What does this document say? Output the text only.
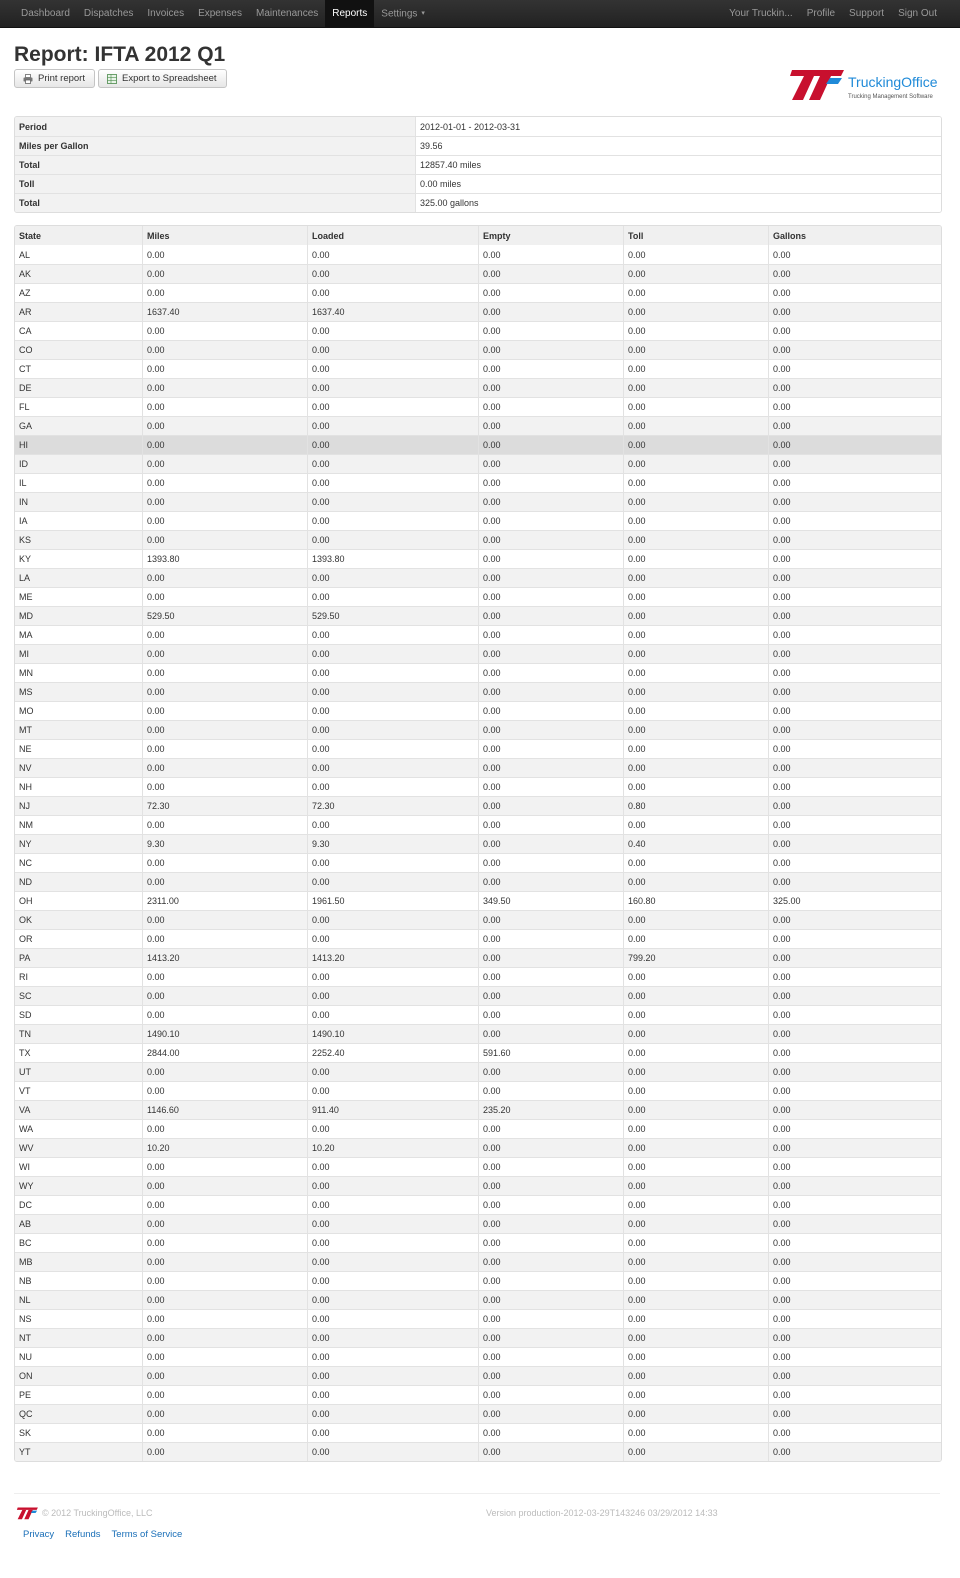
Dashboard	Dispatches	Invoices	Expenses	Maintenances	Reports	Settings ▾	Your Truckin...	Profile	Support	Sign Out
Report: IFTA 2012 Q1
Print report	Export to Spreadsheet	TruckingOffice
Trucking Management Software
Period	2012-01-01 - 2012-03-31
Miles per Gallon	39.56
Total	12857.40 miles
Toll	0.00 miles
Total	325.00 gallons
State	Miles	Loaded	Empty	Toll	Gallons
AL	0.00	0.00	0.00	0.00	0.00
AK	0.00	0.00	0.00	0.00	0.00
AZ	0.00	0.00	0.00	0.00	0.00
AR	1637.40	1637.40	0.00	0.00	0.00
CA	0.00	0.00	0.00	0.00	0.00
CO	0.00	0.00	0.00	0.00	0.00
CT	0.00	0.00	0.00	0.00	0.00
DE	0.00	0.00	0.00	0.00	0.00
FL	0.00	0.00	0.00	0.00	0.00
GA	0.00	0.00	0.00	0.00	0.00
HI	0.00	0.00	0.00	0.00	0.00
ID	0.00	0.00	0.00	0.00	0.00
IL	0.00	0.00	0.00	0.00	0.00
IN	0.00	0.00	0.00	0.00	0.00
IA	0.00	0.00	0.00	0.00	0.00
KS	0.00	0.00	0.00	0.00	0.00
KY	1393.80	1393.80	0.00	0.00	0.00
LA	0.00	0.00	0.00	0.00	0.00
ME	0.00	0.00	0.00	0.00	0.00
MD	529.50	529.50	0.00	0.00	0.00
MA	0.00	0.00	0.00	0.00	0.00
MI	0.00	0.00	0.00	0.00	0.00
MN	0.00	0.00	0.00	0.00	0.00
MS	0.00	0.00	0.00	0.00	0.00
MO	0.00	0.00	0.00	0.00	0.00
MT	0.00	0.00	0.00	0.00	0.00
NE	0.00	0.00	0.00	0.00	0.00
NV	0.00	0.00	0.00	0.00	0.00
NH	0.00	0.00	0.00	0.00	0.00
NJ	72.30	72.30	0.00	0.80	0.00
NM	0.00	0.00	0.00	0.00	0.00
NY	9.30	9.30	0.00	0.40	0.00
NC	0.00	0.00	0.00	0.00	0.00
ND	0.00	0.00	0.00	0.00	0.00
OH	2311.00	1961.50	349.50	160.80	325.00
OK	0.00	0.00	0.00	0.00	0.00
OR	0.00	0.00	0.00	0.00	0.00
PA	1413.20	1413.20	0.00	799.20	0.00
RI	0.00	0.00	0.00	0.00	0.00
SC	0.00	0.00	0.00	0.00	0.00
SD	0.00	0.00	0.00	0.00	0.00
TN	1490.10	1490.10	0.00	0.00	0.00
TX	2844.00	2252.40	591.60	0.00	0.00
UT	0.00	0.00	0.00	0.00	0.00
VT	0.00	0.00	0.00	0.00	0.00
VA	1146.60	911.40	235.20	0.00	0.00
WA	0.00	0.00	0.00	0.00	0.00
WV	10.20	10.20	0.00	0.00	0.00
WI	0.00	0.00	0.00	0.00	0.00
WY	0.00	0.00	0.00	0.00	0.00
DC	0.00	0.00	0.00	0.00	0.00
AB	0.00	0.00	0.00	0.00	0.00
BC	0.00	0.00	0.00	0.00	0.00
MB	0.00	0.00	0.00	0.00	0.00
NB	0.00	0.00	0.00	0.00	0.00
NL	0.00	0.00	0.00	0.00	0.00
NS	0.00	0.00	0.00	0.00	0.00
NT	0.00	0.00	0.00	0.00	0.00
NU	0.00	0.00	0.00	0.00	0.00
ON	0.00	0.00	0.00	0.00	0.00
PE	0.00	0.00	0.00	0.00	0.00
QC	0.00	0.00	0.00	0.00	0.00
SK	0.00	0.00	0.00	0.00	0.00
YT	0.00	0.00	0.00	0.00	0.00
© 2012 TruckingOffice, LLC	Version production-2012-03-29T143246 03/29/2012 14:33
Privacy Refunds Terms of Service
